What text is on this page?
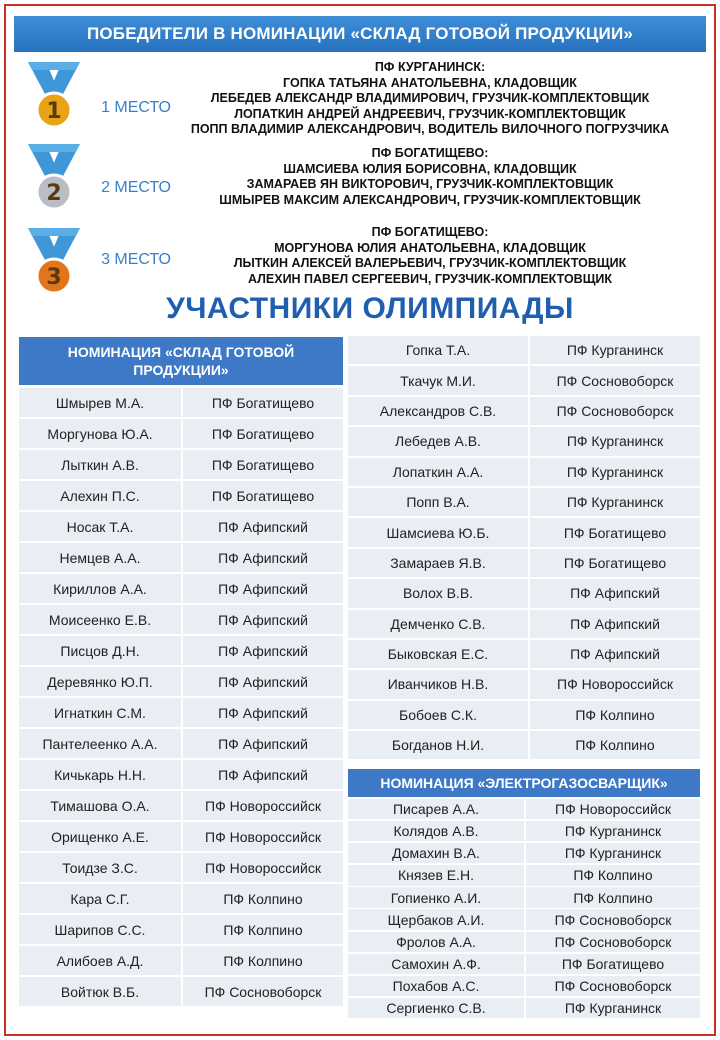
ПОБЕДИТЕЛИ В НОМИНАЦИИ «СКЛАД ГОТОВОЙ ПРОДУКЦИИ»
1	1 МЕСТО
ПФ КУРГАНИНСК:
ГОПКА ТАТЬЯНА АНАТОЛЬЕВНА, КЛАДОВЩИК
ЛЕБЕДЕВ АЛЕКСАНДР ВЛАДИМИРОВИЧ, ГРУЗЧИК-КОМПЛЕКТОВЩИК
ЛОПАТКИН АНДРЕЙ АНДРЕЕВИЧ, ГРУЗЧИК-КОМПЛЕКТОВЩИК
ПОПП ВЛАДИМИР АЛЕКСАНДРОВИЧ, ВОДИТЕЛЬ ВИЛОЧНОГО ПОГРУЗЧИКА
2	2 МЕСТО
ПФ БОГАТИЩЕВО:
ШАМСИЕВА ЮЛИЯ БОРИСОВНА, КЛАДОВЩИК
ЗАМАРАЕВ ЯН ВИКТОРОВИЧ, ГРУЗЧИК-КОМПЛЕКТОВЩИК
ШМЫРЕВ МАКСИМ АЛЕКСАНДРОВИЧ, ГРУЗЧИК-КОМПЛЕКТОВЩИК
3
3 МЕСТО
ПФ БОГАТИЩЕВО:
МОРГУНОВА ЮЛИЯ АНАТОЛЬЕВНА, КЛАДОВЩИК
ЛЫТКИН АЛЕКСЕЙ ВАЛЕРЬЕВИЧ, ГРУЗЧИК-КОМПЛЕКТОВЩИК
АЛЕХИН ПАВЕЛ СЕРГЕЕВИЧ, ГРУЗЧИК-КОМПЛЕКТОВЩИК
УЧАСТНИКИ ОЛИМПИАДЫ
НОМИНАЦИЯ «СКЛАД ГОТОВОЙ ПРОДУКЦИИ»
Шмырев М.А.	ПФ Богатищево
Моргунова Ю.А.	ПФ Богатищево
Лыткин А.В.	ПФ Богатищево
Алехин П.С.	ПФ Богатищево
Носак Т.А.	ПФ Афипский
Немцев А.А.	ПФ Афипский
Кириллов А.А.	ПФ Афипский
Моисеенко Е.В.	ПФ Афипский
Писцов Д.Н.	ПФ Афипский
Деревянко Ю.П.	ПФ Афипский
Игнаткин С.М.	ПФ Афипский
Пантелеенко А.А.	ПФ Афипский
Кичькарь Н.Н.	ПФ Афипский
Тимашова О.А.	ПФ Новороссийск
Орищенко А.Е.	ПФ Новороссийск
Тоидзе З.С.	ПФ Новороссийск
Кара С.Г.	ПФ Колпино
Шарипов С.С.	ПФ Колпино
Алибоев А.Д.	ПФ Колпино
Войтюк В.Б.	ПФ Сосновоборск
Гопка Т.А.	ПФ Курганинск
Ткачук М.И.	ПФ Сосновоборск
Александров С.В.	ПФ Сосновоборск
Лебедев А.В.	ПФ Курганинск
Лопаткин А.А.	ПФ Курганинск
Попп В.А.	ПФ Курганинск
Шамсиева Ю.Б.	ПФ Богатищево
Замараев Я.В.	ПФ Богатищево
Волох В.В.	ПФ Афипский
Демченко С.В.	ПФ Афипский
Быковская Е.С.	ПФ Афипский
Иванчиков Н.В.	ПФ Новороссийск
Бобоев С.К.	ПФ Колпино
Богданов Н.И.	ПФ Колпино
НОМИНАЦИЯ «ЭЛЕКТРОГАЗОСВАРЩИК»
Писарев А.А.	ПФ Новороссийск
Колядов А.В.	ПФ Курганинск
Домахин В.А.	ПФ Курганинск
Князев Е.Н.	ПФ Колпино
Гопиенко А.И.	ПФ Колпино
Щербаков А.И.	ПФ Сосновоборск
Фролов А.А.	ПФ Сосновоборск
Самохин А.Ф.	ПФ Богатищево
Похабов А.С.	ПФ Сосновоборск
Сергиенко С.В.	ПФ Курганинск
